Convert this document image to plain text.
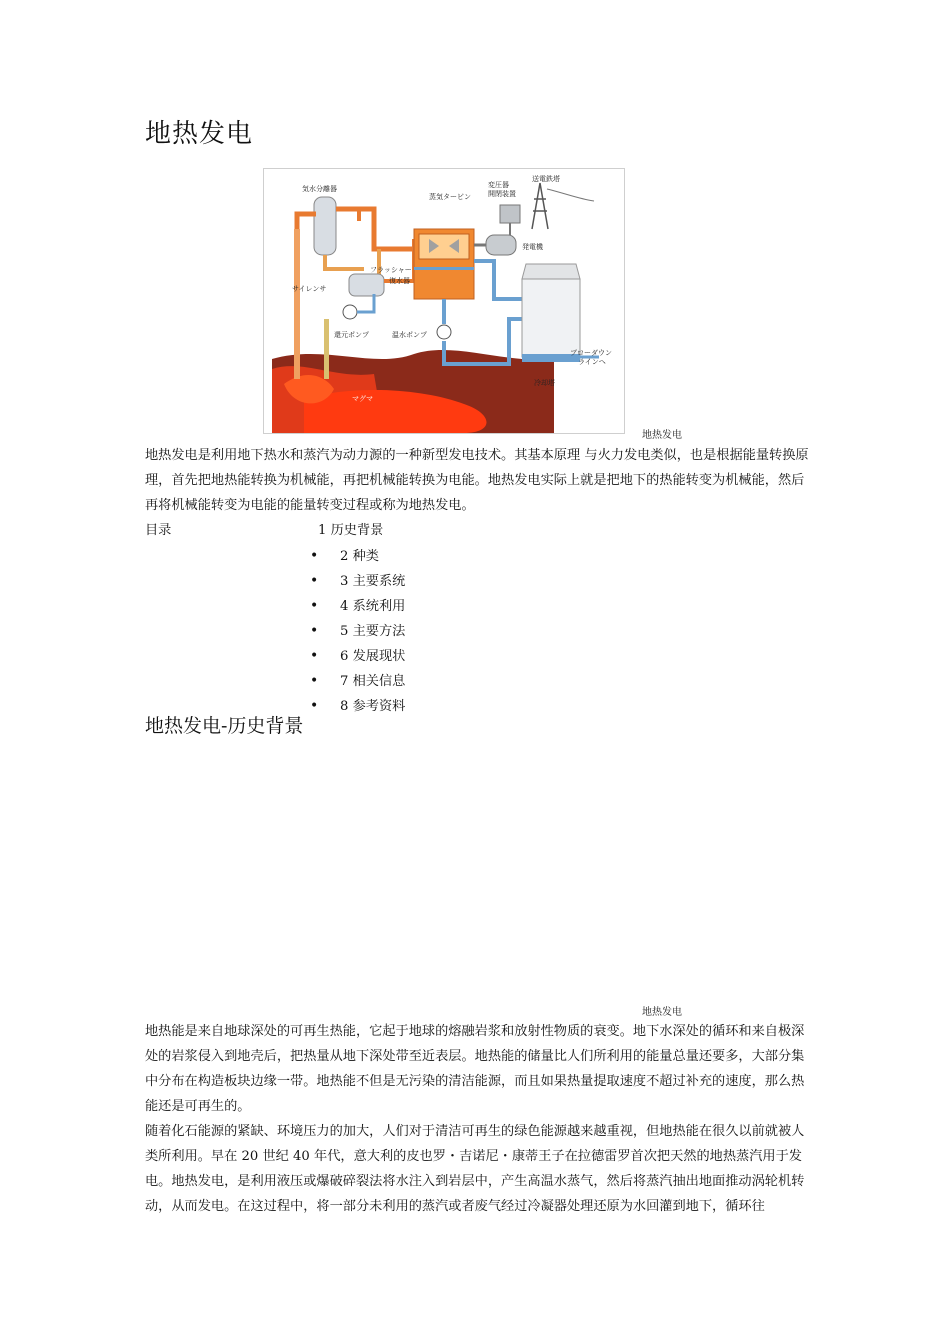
地热发电
気水分離器
蒸気タービン
変圧器
開閉装置
送電鉄塔
発電機
フラッシャー
復水器
サイレンサ
還元ポンプ	温水ポンプ
ブローダウン
ラインへ
冷却塔
マグマ
地热发电
地热发电是利用地下热水和蒸汽为动力源的一种新型发电技术。其基本原理 与火力发电类似，也是根据能量转换原理，首先把地热能转换为机械能，再把机械能转换为电能。地热发电实际上就是把地下的热能转变为机械能，然后再将机械能转变为电能的能量转变过程或称为地热发电。
目录	1 历史背景
• 2 种类
• 3 主要系统
• 4 系统利用
• 5 主要方法
• 6 发展现状
• 7 相关信息
• 8 参考资料
地热发电-历史背景
地热发电
地热能是来自地球深处的可再生热能，它起于地球的熔融岩浆和放射性物质的衰变。地下水深处的循环和来自极深处的岩浆侵入到地壳后，把热量从地下深处带至近表层。地热能的储量比人们所利用的能量总量还要多，大部分集中分布在构造板块边缘一带。地热能不但是无污染的清洁能源，而且如果热量提取速度不超过补充的速度，那么热能还是可再生的。
随着化石能源的紧缺、环境压力的加大，人们对于清洁可再生的绿色能源越来越重视，但地热能在很久以前就被人类所利用。早在 20 世纪 40 年代，意大利的皮也罗・吉诺尼・康蒂王子在拉德雷罗首次把天然的地热蒸汽用于发电。地热发电，是利用液压或爆破碎裂法将水注入到岩层中，产生高温水蒸气，然后将蒸汽抽出地面推动涡轮机转动，从而发电。在这过程中，将一部分未利用的蒸汽或者废气经过冷凝器处理还原为水回灌到地下，循环往
